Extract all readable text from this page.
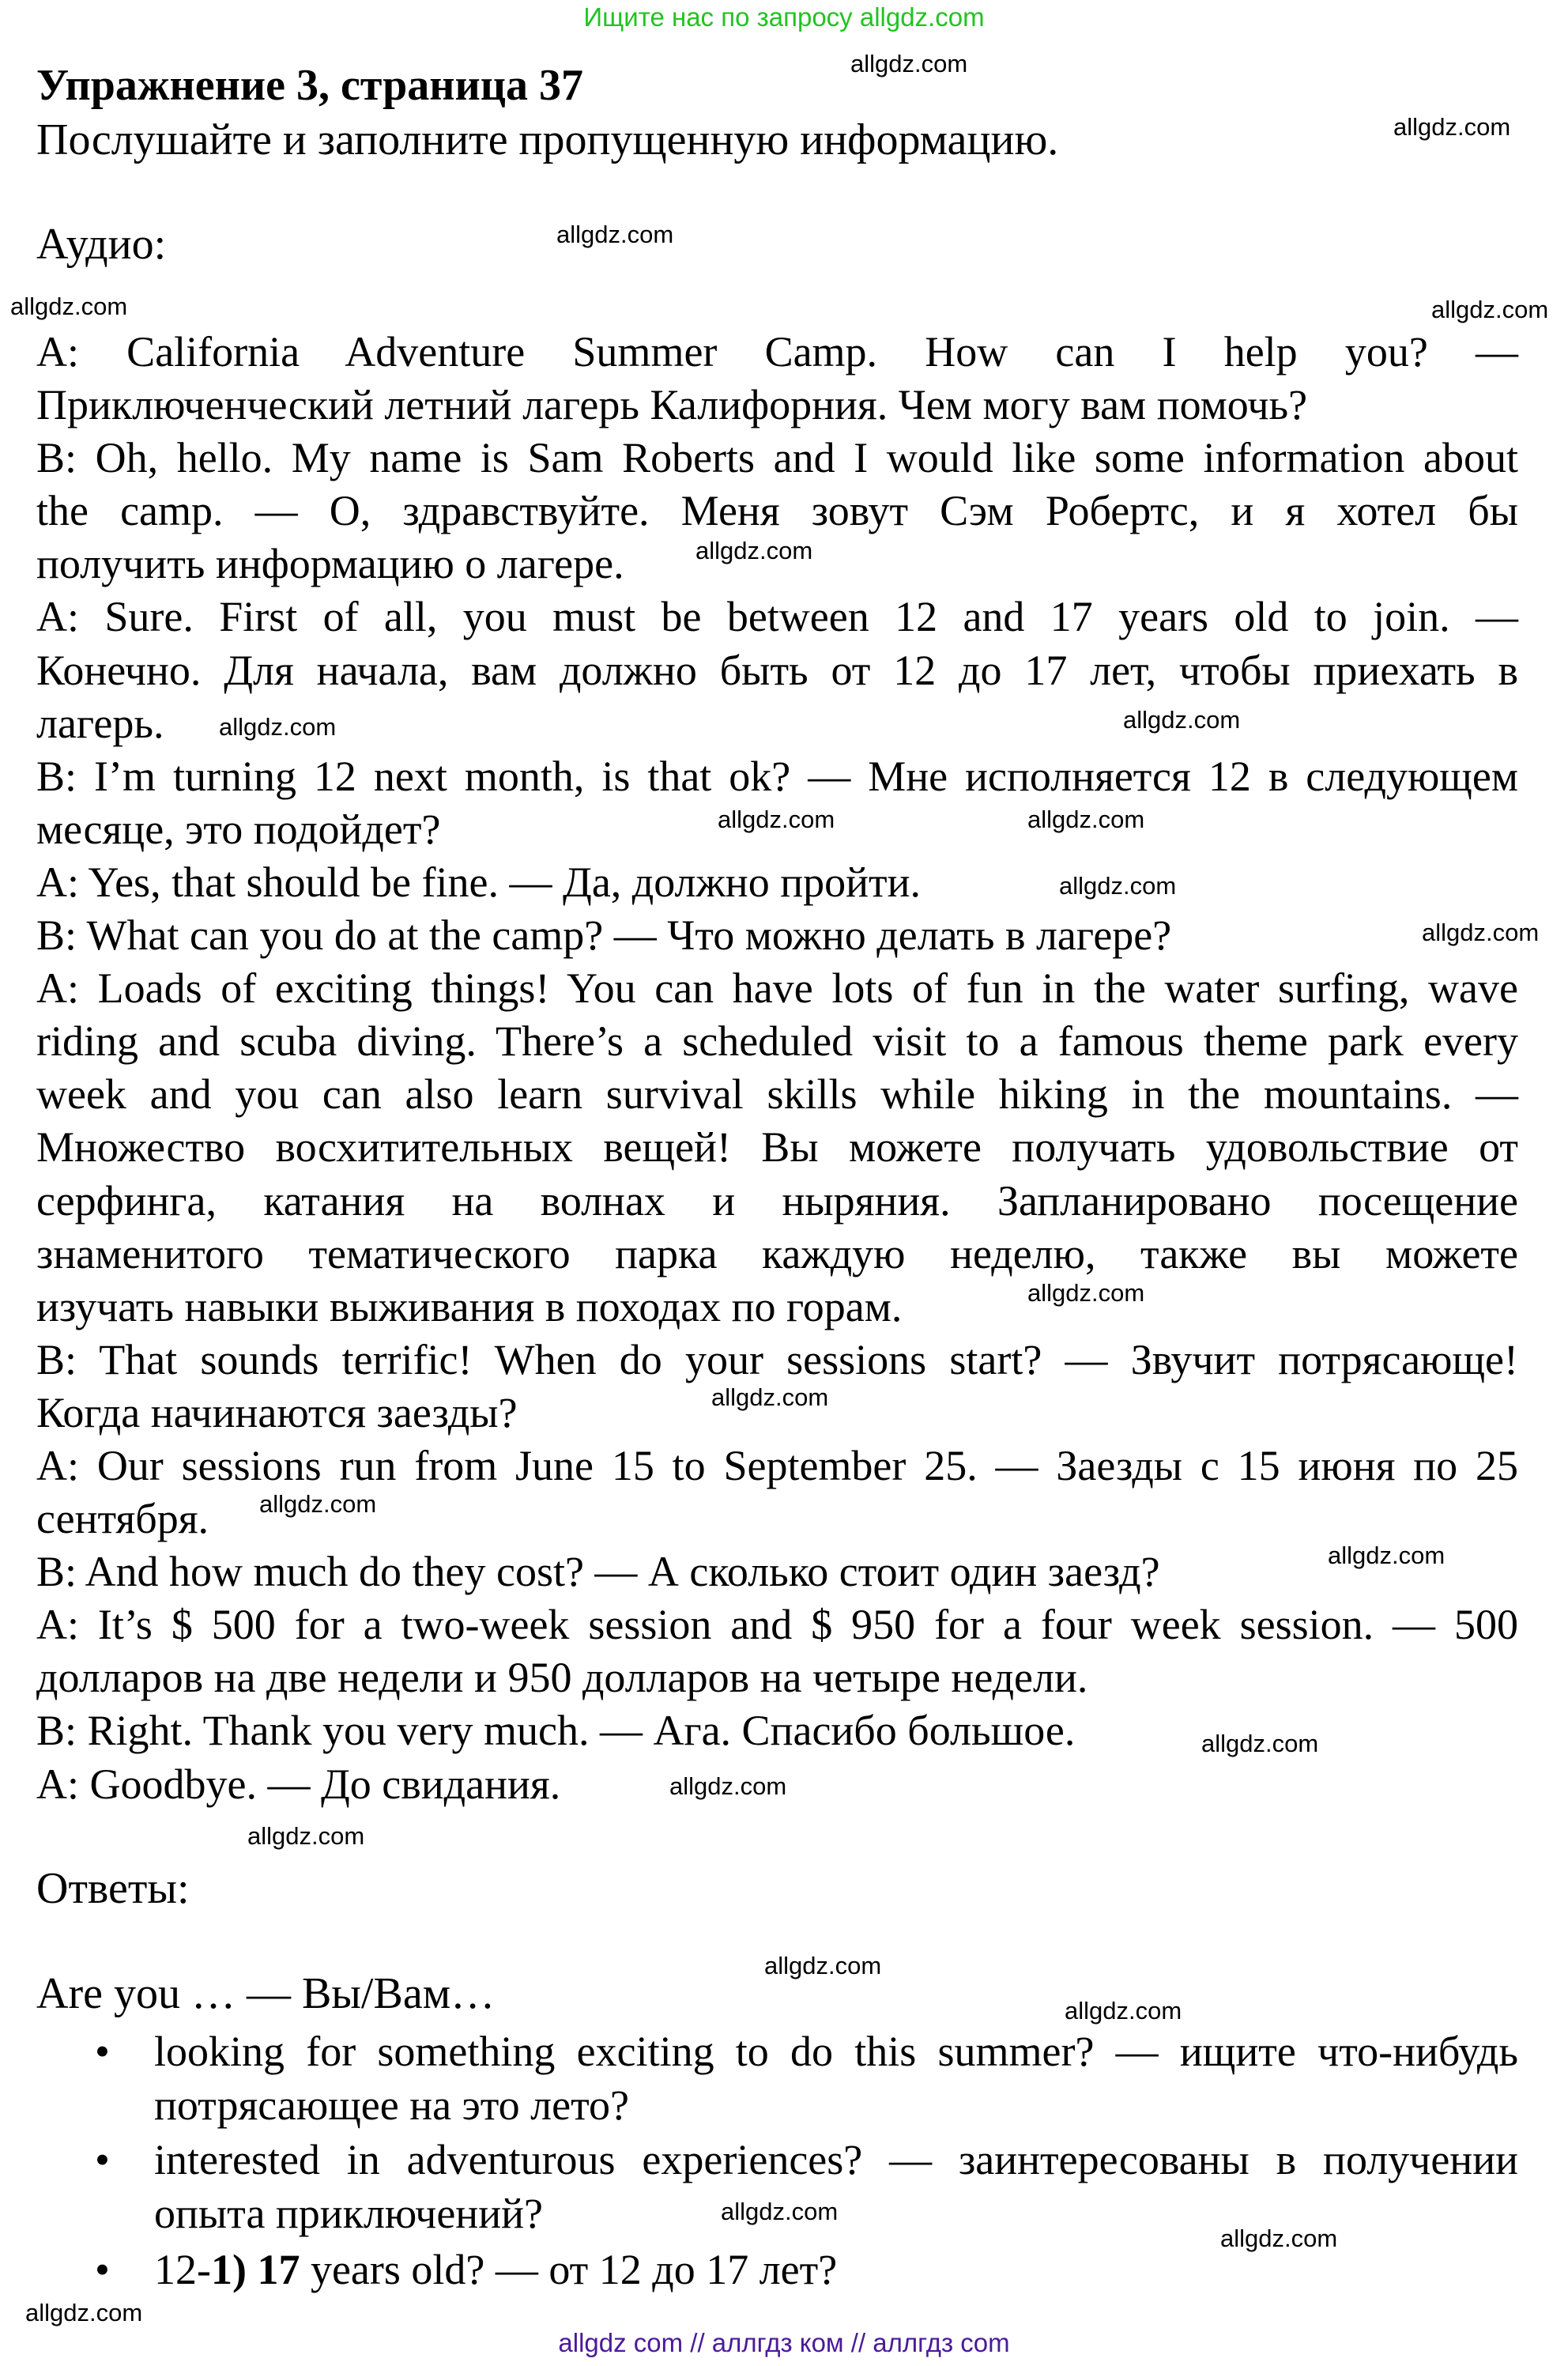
Ищите нас по запросу allgdz.com
Упражнение 3, страница 37
Послушайте и заполните пропущенную информацию.
Аудио:
A: California Adventure Summer Camp. How can I help you? —
Приключенческий летний лагерь Калифорния. Чем могу вам помочь?
B: Oh, hello. My name is Sam Roberts and I would like some information about
the camp. — О, здравствуйте. Меня зовут Сэм Робертс, и я хотел бы
получить информацию о лагере.
A: Sure. First of all, you must be between 12 and 17 years old to join. —
Конечно. Для начала, вам должно быть от 12 до 17 лет, чтобы приехать в
лагерь.
B: I’m turning 12 next month, is that ok? — Мне исполняется 12 в следующем
месяце, это подойдет?
A: Yes, that should be fine. — Да, должно пройти.
B: What can you do at the camp? — Что можно делать в лагере?
A: Loads of exciting things! You can have lots of fun in the water surfing, wave
riding and scuba diving. There’s a scheduled visit to a famous theme park every
week and you can also learn survival skills while hiking in the mountains. —
Множество восхитительных вещей! Вы можете получать удовольствие от
серфинга, катания на волнах и ныряния. Запланировано посещение
знаменитого тематического парка каждую неделю, также вы можете
изучать навыки выживания в походах по горам.
B: That sounds terrific! When do your sessions start? — Звучит потрясающе!
Когда начинаются заезды?
A: Our sessions run from June 15 to September 25. — Заезды с 15 июня по 25
сентября.
B: And how much do they cost? — А сколько стоит один заезд?
A: It’s $ 500 for a two-week session and $ 950 for a four week session. — 500
долларов на две недели и 950 долларов на четыре недели.
B: Right. Thank you very much. — Ага. Спасибо большое.
A: Goodbye. — До свидания.
Ответы:
Are you … — Вы/Вам…
• looking for something exciting to do this summer? — ищите что-нибудь
потрясающее на это лето?
• interested in adventurous experiences? — заинтересованы в получении
опыта приключений?
• 12-1) 17 years old? — от 12 до 17 лет?
allgdz.com
allgdz.com
allgdz.com
allgdz.com	allgdz.com
allgdz.com
allgdz.com
allgdz.com
allgdz.com	allgdz.com
allgdz.com
allgdz.com
allgdz.com
allgdz.com
allgdz.com
allgdz.com
allgdz.com
allgdz.com
allgdz.com
allgdz.com
allgdz.com
allgdz.com
allgdz.com
allgdz.com
allgdz com // аллгдз ком // аллгдз com
